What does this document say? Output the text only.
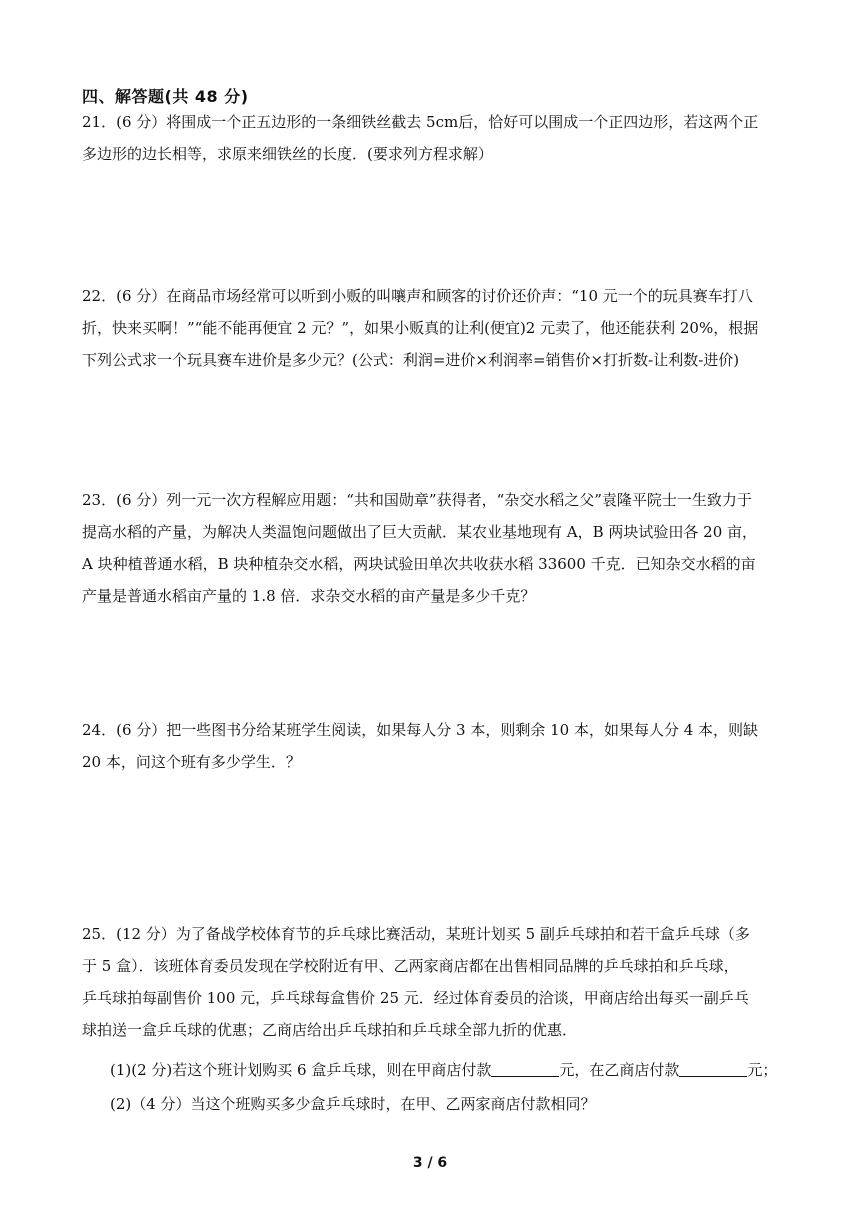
四、解答题(共 48 分)
21．(6 分）将围成一个正五边形的一条细铁丝截去 5cm后，恰好可以围成一个正四边形，若这两个正
多边形的边长相等，求原来细铁丝的长度．(要求列方程求解）
22．(6 分）在商品市场经常可以听到小贩的叫嚷声和顾客的讨价还价声：“10 元一个的玩具赛车打八
折，快来买啊！”“能不能再便宜 2 元？”，如果小贩真的让利(便宜)2 元卖了，他还能获利 20%，根据
下列公式求一个玩具赛车进价是多少元？(公式：利润=进价×利润率=销售价×打折数-让利数-进价)
23．(6 分）列一元一次方程解应用题：“共和国勋章”获得者，“杂交水稻之父”袁隆平院士一生致力于
提高水稻的产量，为解决人类温饱问题做出了巨大贡献．某农业基地现有 A，B 两块试验田各 20 亩，
A 块种植普通水稻，B 块种植杂交水稻，两块试验田单次共收获水稻 33600 千克．已知杂交水稻的亩
产量是普通水稻亩产量的 1.8 倍．求杂交水稻的亩产量是多少千克？
24．(6 分）把一些图书分给某班学生阅读，如果每人分 3 本，则剩余 10 本，如果每人分 4 本，则缺
20 本，问这个班有多少学生．？
25．(12 分）为了备战学校体育节的乒乓球比赛活动，某班计划买 5 副乒乓球拍和若干盒乒乓球（多
于 5 盒）．该班体育委员发现在学校附近有甲、乙两家商店都在出售相同品牌的乒乓球拍和乒乓球，
乒乓球拍每副售价 100 元，乒乓球每盒售价 25 元．经过体育委员的洽谈，甲商店给出每买一副乒乓
球拍送一盒乒乓球的优惠；乙商店给出乒乓球拍和乒乓球全部九折的优惠．
(1)(2 分)若这个班计划购买 6 盒乒乓球，则在甲商店付款	元，在乙商店付款	元；
(2)（4 分）当这个班购买多少盒乒乓球时，在甲、乙两家商店付款相同？
3 / 6
